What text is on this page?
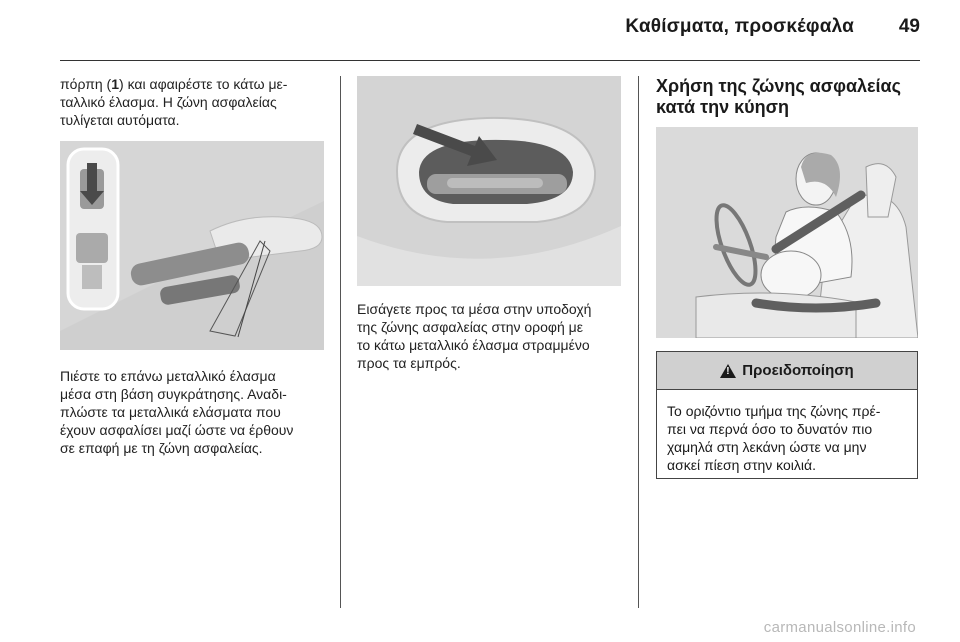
Καθίσματα, προσκέφαλα 49

πόρπη (1) και αφαιρέστε το κάτω με-

ταλλικό έλασμα. Η ζώνη ασφαλείας

τυλίγεται αυτόματα.

Πιέστε το επάνω μεταλλικό έλασμα

μέσα στη βάση συγκράτησης. Αναδι-

πλώστε τα μεταλλικά ελάσματα που

έχουν ασφαλίσει μαζί ώστε να έρθουν

σε επαφή με τη ζώνη ασφαλείας.

Εισάγετε προς τα μέσα στην υποδοχή

της ζώνης ασφαλείας στην οροφή με

το κάτω μεταλλικό έλασμα στραμμένο

προς τα εμπρός.

Χρήση της ζώνης ασφαλείας
κατά την κύηση
!
Προειδοποίηση
Το οριζόντιο τμήμα της ζώνης πρέ-
πει να περνά όσο το δυνατόν πιο
χαμηλά στη λεκάνη ώστε να μην
ασκεί πίεση στην κοιλιά.
carmanualsonline.info
